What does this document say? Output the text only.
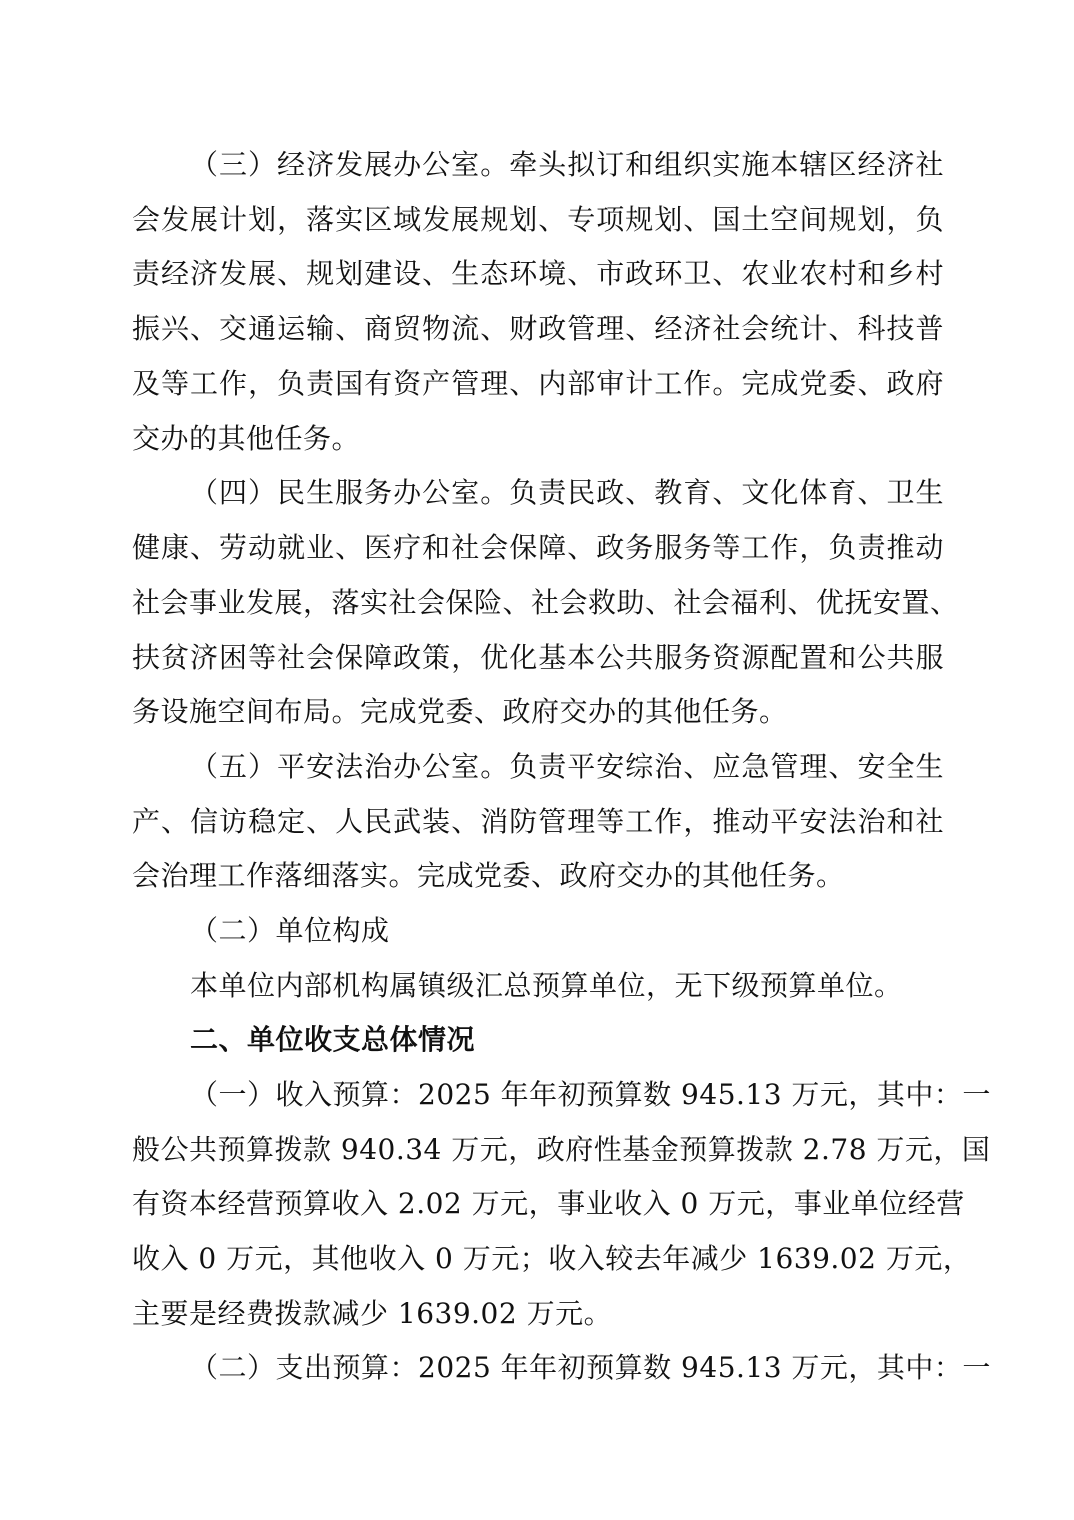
（三）经济发展办公室。牵头拟订和组织实施本辖区经济社
会发展计划，落实区域发展规划、专项规划、国土空间规划，负
责经济发展、规划建设、生态环境、市政环卫、农业农村和乡村
振兴、交通运输、商贸物流、财政管理、经济社会统计、科技普
及等工作，负责国有资产管理、内部审计工作。完成党委、政府
交办的其他任务。
（四）民生服务办公室。负责民政、教育、文化体育、卫生
健康、劳动就业、医疗和社会保障、政务服务等工作，负责推动
社会事业发展，落实社会保险、社会救助、社会福利、优抚安置、
扶贫济困等社会保障政策，优化基本公共服务资源配置和公共服
务设施空间布局。完成党委、政府交办的其他任务。
（五）平安法治办公室。负责平安综治、应急管理、安全生
产、信访稳定、人民武装、消防管理等工作，推动平安法治和社
会治理工作落细落实。完成党委、政府交办的其他任务。
（二）单位构成
本单位内部机构属镇级汇总预算单位，无下级预算单位。
二、单位收支总体情况
（一）收入预算：2025 年年初预算数 945.13 万元，其中：一
般公共预算拨款 940.34 万元，政府性基金预算拨款 2.78 万元，国
有资本经营预算收入 2.02 万元，事业收入 0 万元，事业单位经营
收入 0 万元，其他收入 0 万元；收入较去年减少 1639.02 万元，
主要是经费拨款减少 1639.02 万元。
（二）支出预算：2025 年年初预算数 945.13 万元，其中：一
